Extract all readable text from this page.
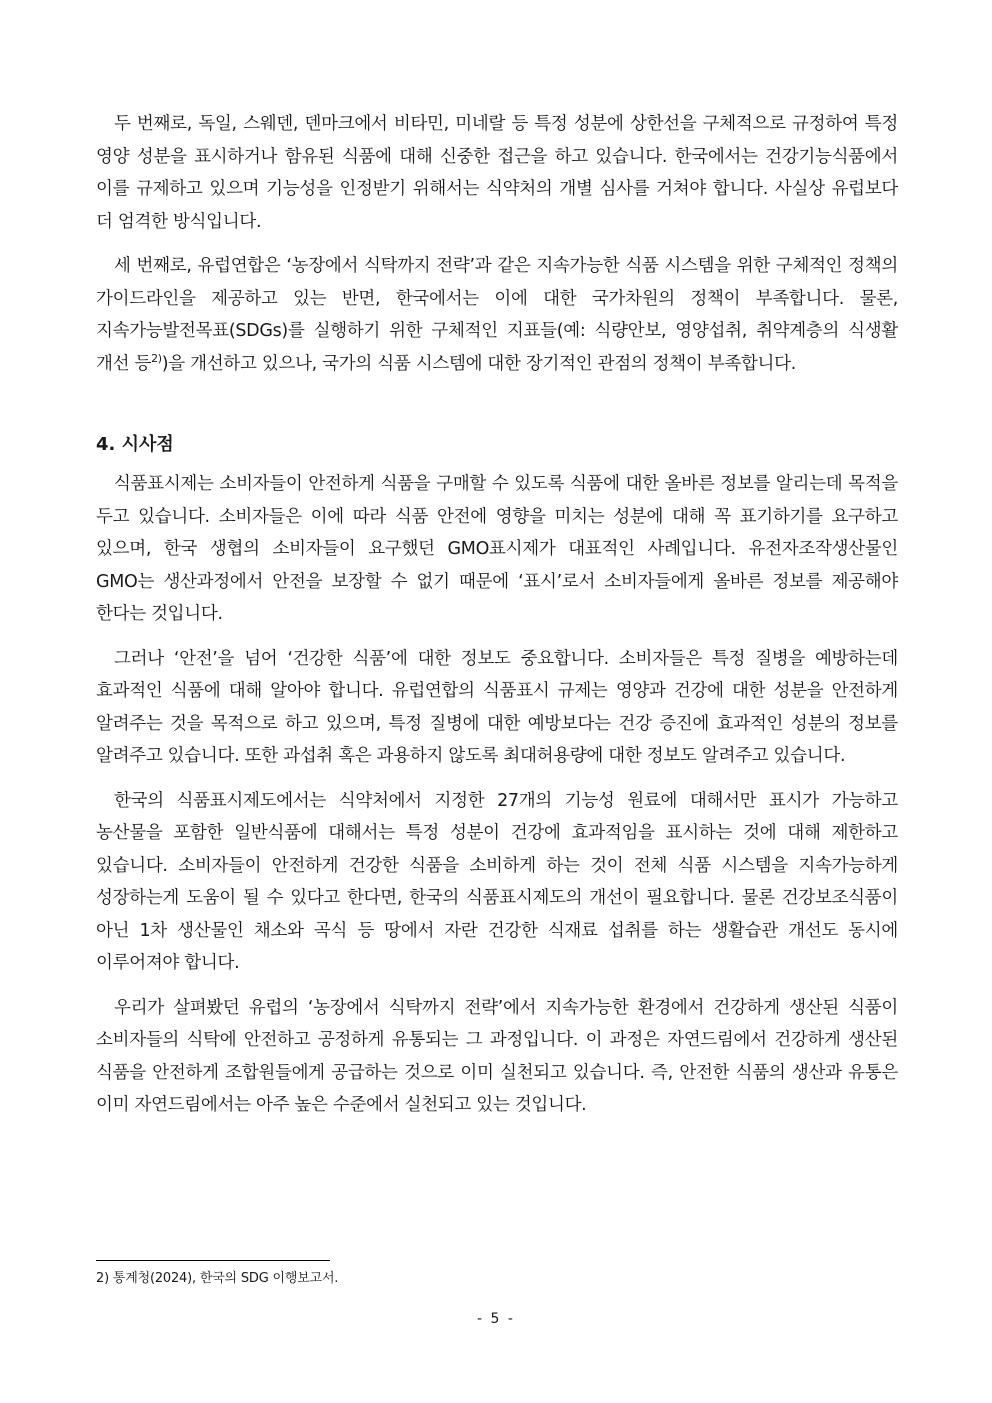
두 번째로, 독일, 스웨덴, 덴마크에서 비타민, 미네랄 등 특정 성분에 상한선을 구체적으로 규정하여 특정 영양 성분을 표시하거나 함유된 식품에 대해 신중한 접근을 하고 있습니다. 한국에서는 건강기능식품에서 이를 규제하고 있으며 기능성을 인정받기 위해서는 식약처의 개별 심사를 거쳐야 합니다. 사실상 유럽보다 더 엄격한 방식입니다.

세 번째로, 유럽연합은 ‘농장에서 식탁까지 전략’과 같은 지속가능한 식품 시스템을 위한 구체적인 정책의 가이드라인을 제공하고 있는 반면, 한국에서는 이에 대한 국가차원의 정책이 부족합니다. 물론, 지속가능발전목표(SDGs)를 실행하기 위한 구체적인 지표들(예: 식량안보, 영양섭취, 취약계층의 식생활 개선 등$^{2)}$)을 개선하고 있으나, 국가의 식품 시스템에 대한 장기적인 관점의 정책이 부족합니다.

4. 시사점

식품표시제는 소비자들이 안전하게 식품을 구매할 수 있도록 식품에 대한 올바른 정보를 알리는데 목적을 두고 있습니다. 소비자들은 이에 따라 식품 안전에 영향을 미치는 성분에 대해 꼭 표기하기를 요구하고 있으며, 한국 생협의 소비자들이 요구했던 GMO표시제가 대표적인 사례입니다. 유전자조작생산물인 GMO는 생산과정에서 안전을 보장할 수 없기 때문에 ‘표시’로서 소비자들에게 올바른 정보를 제공해야 한다는 것입니다.

그러나 ‘안전’을 넘어 ‘건강한 식품’에 대한 정보도 중요합니다. 소비자들은 특정 질병을 예방하는데 효과적인 식품에 대해 알아야 합니다. 유럽연합의 식품표시 규제는 영양과 건강에 대한 성분을 안전하게 알려주는 것을 목적으로 하고 있으며, 특정 질병에 대한 예방보다는 건강 증진에 효과적인 성분의 정보를 알려주고 있습니다. 또한 과섭취 혹은 과용하지 않도록 최대허용량에 대한 정보도 알려주고 있습니다.

한국의 식품표시제도에서는 식약처에서 지정한 27개의 기능성 원료에 대해서만 표시가 가능하고 농산물을 포함한 일반식품에 대해서는 특정 성분이 건강에 효과적임을 표시하는 것에 대해 제한하고 있습니다. 소비자들이 안전하게 건강한 식품을 소비하게 하는 것이 전체 식품 시스템을 지속가능하게 성장하는게 도움이 될 수 있다고 한다면, 한국의 식품표시제도의 개선이 필요합니다. 물론 건강보조식품이 아닌 1차 생산물인 채소와 곡식 등 땅에서 자란 건강한 식재료 섭취를 하는 생활습관 개선도 동시에 이루어져야 합니다.

우리가 살펴봤던 유럽의 ‘농장에서 식탁까지 전략’에서 지속가능한 환경에서 건강하게 생산된 식품이 소비자들의 식탁에 안전하고 공정하게 유통되는 그 과정입니다. 이 과정은 자연드림에서 건강하게 생산된 식품을 안전하게 조합원들에게 공급하는 것으로 이미 실천되고 있습니다. 즉, 안전한 식품의 생산과 유통은 이미 자연드림에서는 아주 높은 수준에서 실천되고 있는 것입니다.

2) 통계청(2024), 한국의 SDG 이행보고서.
- 5 -
